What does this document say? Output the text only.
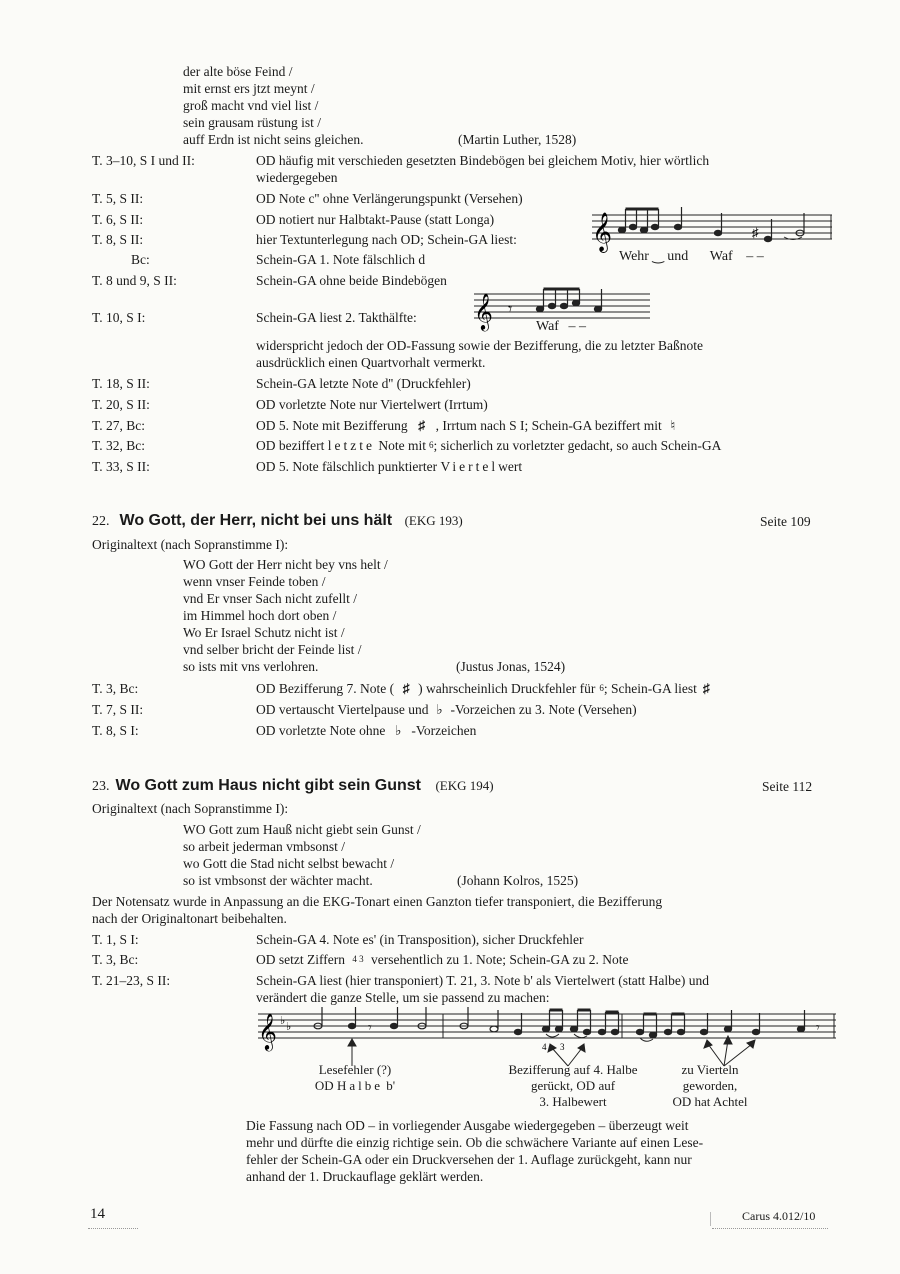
der alte böse Feind /
mit ernst ers jtzt meynt /
groß macht vnd viel list /
sein grausam rüstung ist /
auff Erdn ist nicht seins gleichen.	(Martin Luther, 1528)
T. 3–10, S I und II:	OD häufig mit verschieden gesetzten Bindebögen bei gleichem Motiv, hier wörtlich
wiedergegeben
T. 5, S II:	OD Note c'' ohne Verlängerungspunkt (Versehen)
T. 6, S II:	OD notiert nur Halbtakt-Pause (statt Longa)
T. 8, S II:	hier Textunterlegung nach OD; Schein-GA liest:
Bc:	Schein-GA 1. Note fälschlich d
T. 8 und 9, S II:	Schein-GA ohne beide Bindebögen
T. 10, S I:	Schein-GA liest 2. Takthälfte:
widerspricht jedoch der OD-Fassung sowie der Bezifferung, die zu letzter Baßnote
ausdrücklich einen Quartvorhalt vermerkt.
T. 18, S II:	Schein-GA letzte Note d'' (Druckfehler)
T. 20, S II:	OD vorletzte Note nur Viertelwert (Irrtum)
T. 27, Bc:	OD 5. Note mit Bezifferung ♯ , Irrtum nach S I; Schein-GA beziffert mit ♮
T. 32, Bc:	OD beziffert letzte Note mit 6; sicherlich zu vorletzter gedacht, so auch Schein-GA
T. 33, S II:	OD 5. Note fälschlich punktierter Viertelwert
𝄞	♯
Wehr ‿ und Waf – –
𝄞 𝄾
Waf – –
22. Wo Gott, der Herr, nicht bei uns hält (EKG 193)	Seite 109
Originaltext (nach Sopranstimme I):
WO Gott der Herr nicht bey vns helt /
wenn vnser Feinde toben /
vnd Er vnser Sach nicht zufellt /
im Himmel hoch dort oben /
Wo Er Israel Schutz nicht ist /
vnd selber bricht der Feinde list /
so ists mit vns verlohren.	(Justus Jonas, 1524)
T. 3, Bc:	OD Bezifferung 7. Note ( ♯ ) wahrscheinlich Druckfehler für 6; Schein-GA liest ♯
T. 7, S II:	OD vertauscht Viertelpause und ♭ -Vorzeichen zu 3. Note (Versehen)
T. 8, S I:	OD vorletzte Note ohne ♭ -Vorzeichen
23. Wo Gott zum Haus nicht gibt sein Gunst (EKG 194)	Seite 112
Originaltext (nach Sopranstimme I):
WO Gott zum Hauß nicht giebt sein Gunst /
so arbeit jederman vmbsonst /
wo Gott die Stad nicht selbst bewacht /
so ist vmbsonst der wächter macht.	(Johann Kolros, 1525)
Der Notensatz wurde in Anpassung an die EKG-Tonart einen Ganzton tiefer transponiert, die Bezifferung
nach der Originaltonart beibehalten.
T. 1, S I:	Schein-GA 4. Note es' (in Transposition), sicher Druckfehler
T. 3, Bc:	OD setzt Ziffern 4 3 versehentlich zu 1. Note; Schein-GA zu 2. Note
T. 21–23, S II:	Schein-GA liest (hier transponiert) T. 21, 3. Note b' als Viertelwert (statt Halbe) und
verändert die ganze Stelle, um sie passend zu machen:
𝄞 ♭ ♭	𝄾	𝄾
4 3
Lesefehler (?)
OD Halbe b'
Bezifferung auf 4. Halbe
gerückt, OD auf
3. Halbewert
zu Vierteln
geworden,
OD hat Achtel
Die Fassung nach OD – in vorliegender Ausgabe wiedergegeben – überzeugt weit
mehr und dürfte die einzig richtige sein. Ob die schwächere Variante auf einen Lese-
fehler der Schein-GA oder ein Druckversehen der 1. Auflage zurückgeht, kann nur
anhand der 1. Druckauflage geklärt werden.
14	Carus 4.012/10
